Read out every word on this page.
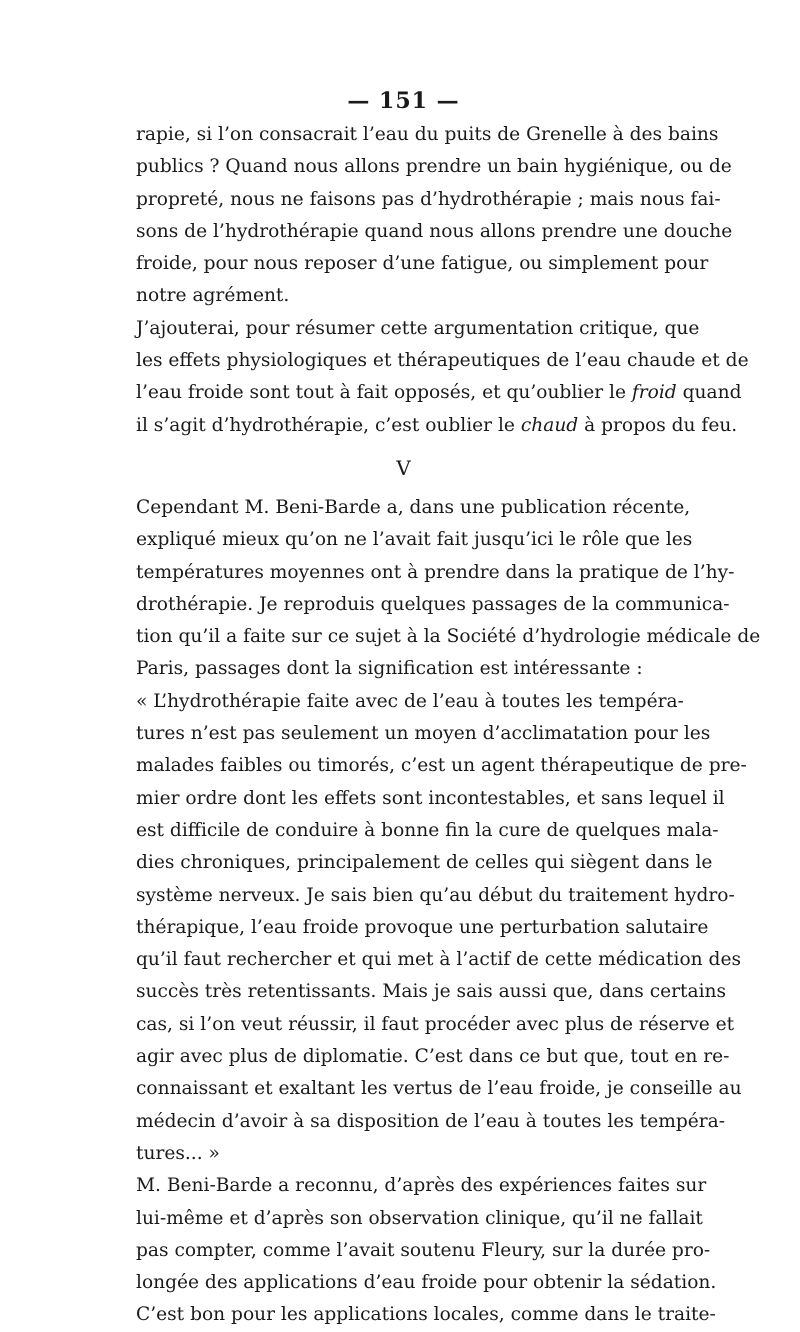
— 151 —
rapie, si l’on consacrait l’eau du puits de Grenelle à des bains
publics ? Quand nous allons prendre un bain hygiénique, ou de
propreté, nous ne faisons pas d’hydrothérapie ; mais nous fai-
sons de l’hydrothérapie quand nous allons prendre une douche
froide, pour nous reposer d’une fatigue, ou simplement pour
notre agrément.
J’ajouterai, pour résumer cette argumentation critique, que
les effets physiologiques et thérapeutiques de l’eau chaude et de
l’eau froide sont tout à fait opposés, et qu’oublier le froid quand
il s’agit d’hydrothérapie, c’est oublier le chaud à propos du feu.
V
Cependant M. Beni-Barde a, dans une publication récente,
expliqué mieux qu’on ne l’avait fait jusqu’ici le rôle que les
températures moyennes ont à prendre dans la pratique de l’hy-
drothérapie. Je reproduis quelques passages de la communica-
tion qu’il a faite sur ce sujet à la Société d’hydrologie médicale de
Paris, passages dont la signification est intéressante :
« L’hydrothérapie faite avec de l’eau à toutes les tempéra-
tures n’est pas seulement un moyen d’acclimatation pour les
malades faibles ou timorés, c’est un agent thérapeutique de pre-
mier ordre dont les effets sont incontestables, et sans lequel il
est difficile de conduire à bonne fin la cure de quelques mala-
dies chroniques, principalement de celles qui siègent dans le
système nerveux. Je sais bien qu’au début du traitement hydro-
thérapique, l’eau froide provoque une perturbation salutaire
qu’il faut rechercher et qui met à l’actif de cette médication des
succès très retentissants. Mais je sais aussi que, dans certains
cas, si l’on veut réussir, il faut procéder avec plus de réserve et
agir avec plus de diplomatie. C’est dans ce but que, tout en re-
connaissant et exaltant les vertus de l’eau froide, je conseille au
médecin d’avoir à sa disposition de l’eau à toutes les tempéra-
tures... »
M. Beni-Barde a reconnu, d’après des expériences faites sur
lui-même et d’après son observation clinique, qu’il ne fallait
pas compter, comme l’avait soutenu Fleury, sur la durée pro-
longée des applications d’eau froide pour obtenir la sédation.
C’est bon pour les applications locales, comme dans le traite-
